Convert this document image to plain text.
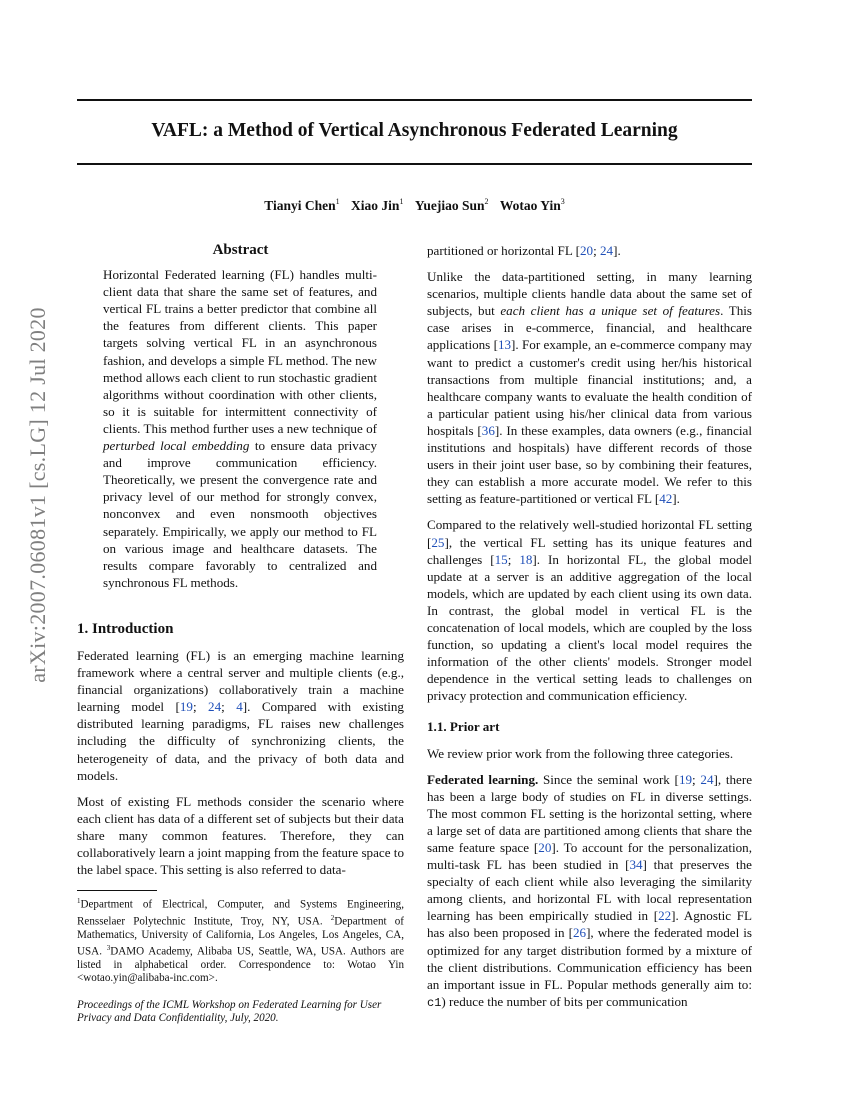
VAFL: a Method of Vertical Asynchronous Federated Learning
Tianyi Chen$^1$ Xiao Jin$^1$ Yuejiao Sun$^2$ Wotao Yin$^3$
arXiv:2007.06081v1 [cs.LG] 12 Jul 2020
Abstract

Horizontal Federated learning (FL) handles multi-client data that share the same set of features, and vertical FL trains a better predictor that combine all the features from different clients. This paper targets solving vertical FL in an asynchronous fashion, and develops a simple FL method. The new method allows each client to run stochastic gradient algorithms without coordination with other clients, so it is suitable for intermittent connectivity of clients. This method further uses a new technique of perturbed local embedding to ensure data privacy and improve communication efficiency. Theoretically, we present the convergence rate and privacy level of our method for strongly convex, nonconvex and even nonsmooth objectives separately. Empirically, we apply our method to FL on various image and healthcare datasets. The results compare favorably to centralized and synchronous FL methods.

1. Introduction

Federated learning (FL) is an emerging machine learning framework where a central server and multiple clients (e.g., financial organizations) collaboratively train a machine learning model [19; 24; 4]. Compared with existing distributed learning paradigms, FL raises new challenges including the difficulty of synchronizing clients, the heterogeneity of data, and the privacy of both data and models.

Most of existing FL methods consider the scenario where each client has data of a different set of subjects but their data share many common features. Therefore, they can collaboratively learn a joint mapping from the feature space to the label space. This setting is also referred to data-

$^1$Department of Electrical, Computer, and Systems Engineering, Rensselaer Polytechnic Institute, Troy, NY, USA. $^2$Department of Mathematics, University of California, Los Angeles, Los Angeles, CA, USA. $^3$DAMO Academy, Alibaba US, Seattle, WA, USA. Authors are listed in alphabetical order. Correspondence to: Wotao Yin <wotao.yin@alibaba-inc.com>.
Proceedings of the ICML Workshop on Federated Learning for User Privacy and Data Confidentiality, July, 2020.

partitioned or horizontal FL [20; 24].

Unlike the data-partitioned setting, in many learning scenarios, multiple clients handle data about the same set of subjects, but each client has a unique set of features. This case arises in e-commerce, financial, and healthcare applications [13]. For example, an e-commerce company may want to predict a customer's credit using her/his historical transactions from multiple financial institutions; and, a healthcare company wants to evaluate the health condition of a particular patient using his/her clinical data from various hospitals [36]. In these examples, data owners (e.g., financial institutions and hospitals) have different records of those users in their joint user base, so by combining their features, they can establish a more accurate model. We refer to this setting as feature-partitioned or vertical FL [42].

Compared to the relatively well-studied horizontal FL setting [25], the vertical FL setting has its unique features and challenges [15; 18]. In horizontal FL, the global model update at a server is an additive aggregation of the local models, which are updated by each client using its own data. In contrast, the global model in vertical FL is the concatenation of local models, which are coupled by the loss function, so updating a client's local model requires the information of the other clients' models. Stronger model dependence in the vertical setting leads to challenges on privacy protection and communication efficiency.

1.1. Prior art

We review prior work from the following three categories.

Federated learning. Since the seminal work [19; 24], there has been a large body of studies on FL in diverse settings. The most common FL setting is the horizontal setting, where a large set of data are partitioned among clients that share the same feature space [20]. To account for the personalization, multi-task FL has been studied in [34] that preserves the specialty of each client while also leveraging the similarity among clients, and horizontal FL with local representation learning has been empirically studied in [22]. Agnostic FL has also been proposed in [26], where the federated model is optimized for any target distribution formed by a mixture of the client distributions. Communication efficiency has been an important issue in FL. Popular methods generally aim to: c1) reduce the number of bits per communication
